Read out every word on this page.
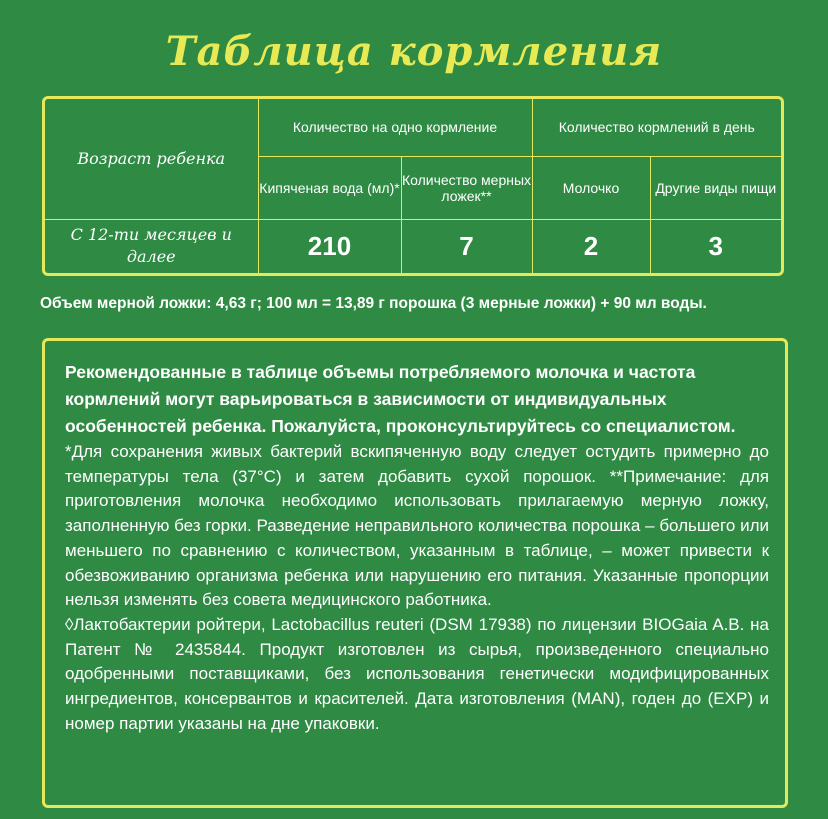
Таблица кормления
Возраст ребенка	Количество на одно кормление		Количество кормлений в день	
	Кипяченая вода (мл)*	Количество мерных ложек**	Молочко	Другие виды пищи
С 12-ти месяцев и далее	210	7	2	3
Объем мерной ложки: 4,63 г; 100 мл = 13,89 г порошка (3 мерные ложки) + 90 мл воды.

Рекомендованные в таблице объемы потребляемого молочка и частота кормлений могут варьироваться в зависимости от индивидуальных особенностей ребенка. Пожалуйста, проконсультируйтесь со специалистом.

*Для сохранения живых бактерий вскипяченную воду следует остудить примерно до температуры тела (37°С) и затем добавить сухой порошок. **Примечание: для приготовления молочка необходимо использовать прилагаемую мерную ложку, заполненную без горки. Разведение неправильного количества порошка – большего или меньшего по сравнению с количеством, указанным в таблице, – может привести к обезвоживанию организма ребенка или нарушению его питания. Указанные пропорции нельзя изменять без совета медицинского работника.

◊Лактобактерии ройтери, Lactobacillus reuteri (DSM 17938) по лицензии BIOGaia A.B. на Патент № 2435844. Продукт изготовлен из сырья, произведенного специально одобренными поставщиками, без использования генетически модифицированных ингредиентов, консервантов и красителей. Дата изготовления (MAN), годен до (EXP) и номер партии указаны на дне упаковки.
